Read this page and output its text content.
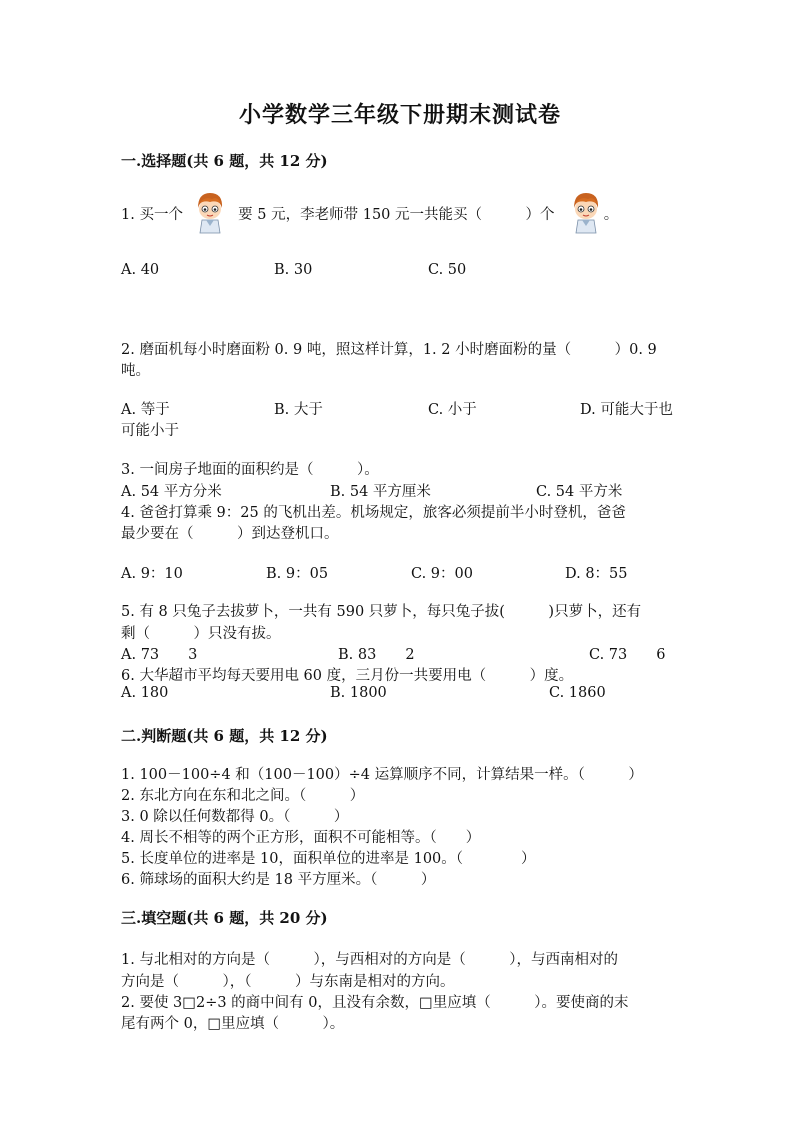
小学数学三年级下册期末测试卷
一.选择题(共 6 题，共 12 分)
1. 买一个	要 5 元，李老师带 150 元一共能买（　　　）个	。
A. 40	B. 30	C. 50
2. 磨面机每小时磨面粉 0. 9 吨，照这样计算，1. 2 小时磨面粉的量（　　　）0. 9
吨。
A. 等于	B. 大于	C. 小于	D. 可能大于也
可能小于
3. 一间房子地面的面积约是（　　　）。
A. 54 平方分米	B. 54 平方厘米	C. 54 平方米
4. 爸爸打算乘 9：25 的飞机出差。机场规定，旅客必须提前半小时登机，爸爸
最少要在（　　　）到达登机口。
A. 9：10	B. 9：05	C. 9：00	D. 8：55
5. 有 8 只兔子去拔萝卜，一共有 590 只萝卜，每只兔子拔(　　　)只萝卜，还有
剩（　　　）只没有拔。
A. 73　　3	B. 83　　2	C. 73　　6
6. 大华超市平均每天要用电 60 度，三月份一共要用电（　　　）度。
A. 180	B. 1800	C. 1860
二.判断题(共 6 题，共 12 分)
1. 100－100÷4 和（100－100）÷4 运算顺序不同，计算结果一样。（　　　）
2. 东北方向在东和北之间。（　　　）
3. 0 除以任何数都得 0。（　　　）
4. 周长不相等的两个正方形，面积不可能相等。（　　）
5. 长度单位的进率是 10，面积单位的进率是 100。（　　　　）
6. 筛球场的面积大约是 18 平方厘米。（　　　）
三.填空题(共 6 题，共 20 分)
1. 与北相对的方向是（　　　），与西相对的方向是（　　　），与西南相对的
方向是（　　　），（　　　）与东南是相对的方向。
2. 要使 3□2÷3 的商中间有 0，且没有余数，□里应填（　　　）。要使商的末
尾有两个 0，□里应填（　　　）。
